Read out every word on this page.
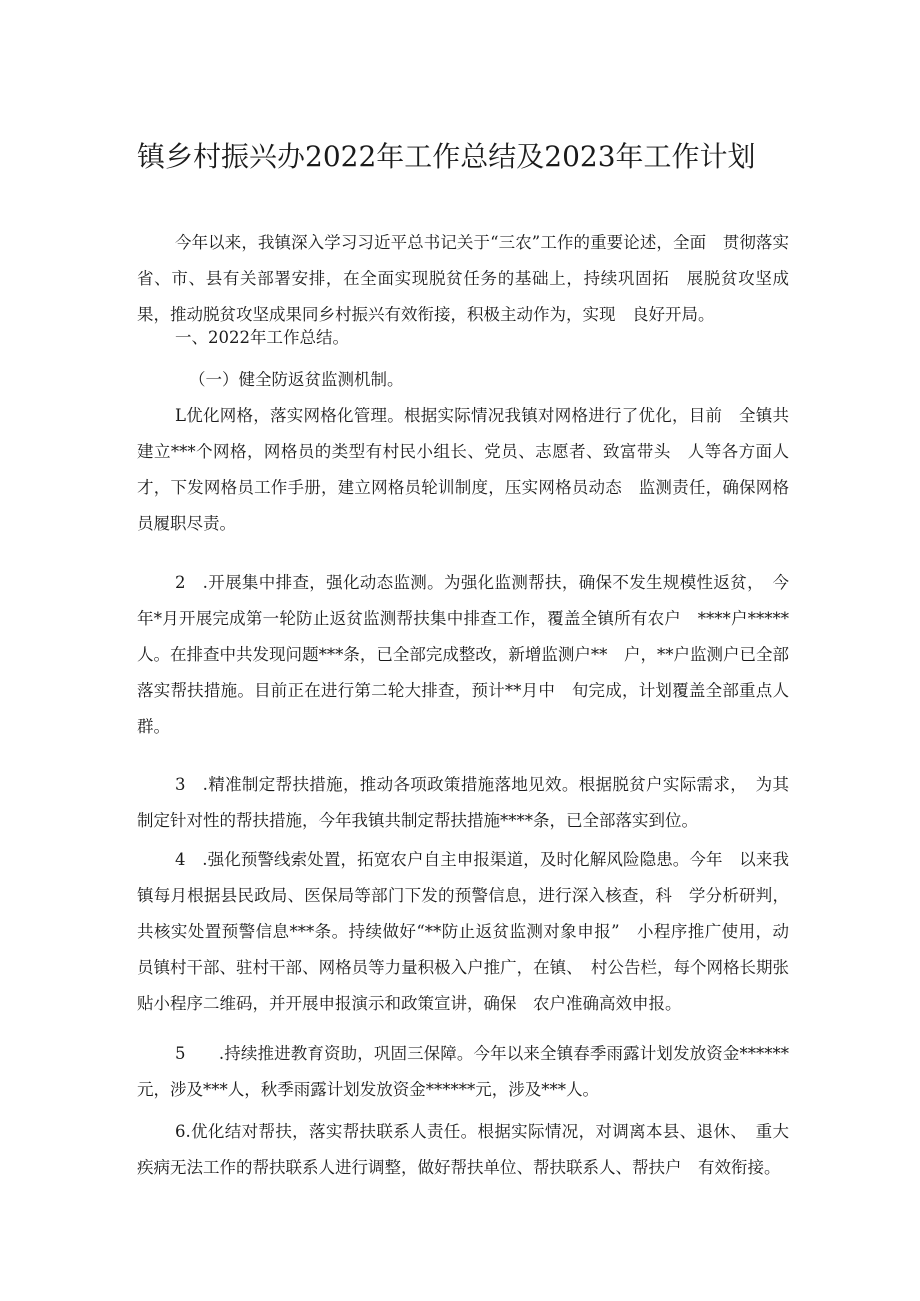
镇乡村振兴办2022年工作总结及2023年工作计划

今年以来，我镇深入学习习近平总书记关于“三农”工作的重要论述，全面　贯彻落实省、市、县有关部署安排，在全面实现脱贫任务的基础上，持续巩固拓　展脱贫攻坚成果，推动脱贫攻坚成果同乡村振兴有效衔接，积极主动作为，实现　良好开局。

一、2022年工作总结。

（一）健全防返贫监测机制。

L优化网格，落实网格化管理。根据实际情况我镇对网格进行了优化，目前　全镇共建立***个网格，网格员的类型有村民小组长、党员、志愿者、致富带头　人等各方面人才，下发网格员工作手册，建立网格员轮训制度，压实网格员动态　监测责任，确保网格员履职尽责。

2　.开展集中排查，强化动态监测。为强化监测帮扶，确保不发生规模性返贫，　今年*月开展完成第一轮防止返贫监测帮扶集中排查工作，覆盖全镇所有农户　****户*****人。在排查中共发现问题***条，已全部完成整改，新增监测户**　户，**户监测户已全部落实帮扶措施。目前正在进行第二轮大排查，预计**月中　旬完成，计划覆盖全部重点人群。

3　.精准制定帮扶措施，推动各项政策措施落地见效。根据脱贫户实际需求，　为其制定针对性的帮扶措施，今年我镇共制定帮扶措施****条，已全部落实到位。

4　.强化预警线索处置，拓宽农户自主申报渠道，及时化解风险隐患。今年　以来我镇每月根据县民政局、医保局等部门下发的预警信息，进行深入核查，科　学分析研判，共核实处置预警信息***条。持续做好“**防止返贫监测对象申报”　小程序推广使用，动员镇村干部、驻村干部、网格员等力量积极入户推广，在镇、　村公告栏，每个网格长期张贴小程序二维码，并开展申报演示和政策宣讲，确保　农户准确高效申报。

5　　.持续推进教育资助，巩固三保障。今年以来全镇春季雨露计划发放资金******元，涉及***人，秋季雨露计划发放资金******元，涉及***人。

6.优化结对帮扶，落实帮扶联系人责任。根据实际情况，对调离本县、退休、　重大疾病无法工作的帮扶联系人进行调整，做好帮扶单位、帮扶联系人、帮扶户　有效衔接。
